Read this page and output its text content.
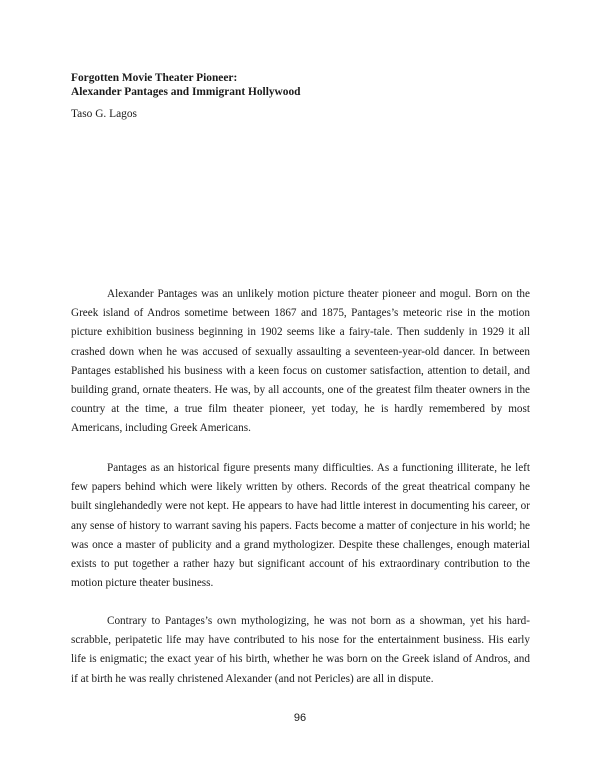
Forgotten Movie Theater Pioneer:
Alexander Pantages and Immigrant Hollywood
Taso G. Lagos

Alexander Pantages was an unlikely motion picture theater pioneer and mogul. Born on the Greek island of Andros sometime between 1867 and 1875, Pantages’s meteoric rise in the motion picture exhibition business beginning in 1902 seems like a fairy-tale. Then suddenly in 1929 it all crashed down when he was accused of sexually assaulting a seventeen-year-old dancer. In between Pantages established his business with a keen focus on customer satisfaction, attention to detail, and building grand, ornate theaters. He was, by all accounts, one of the greatest film theater owners in the country at the time, a true film theater pioneer, yet today, he is hardly remembered by most Americans, including Greek Americans.

Pantages as an historical figure presents many difficulties. As a functioning illiterate, he left few papers behind which were likely written by others. Records of the great theatrical company he built singlehandedly were not kept. He appears to have had little interest in documenting his career, or any sense of history to warrant saving his papers. Facts become a matter of conjecture in his world; he was once a master of publicity and a grand mythologizer. Despite these challenges, enough material exists to put together a rather hazy but significant account of his extraordinary contribution to the motion picture theater business.

Contrary to Pantages’s own mythologizing, he was not born as a showman, yet his hard-scrabble, peripatetic life may have contributed to his nose for the entertainment business. His early life is enigmatic; the exact year of his birth, whether he was born on the Greek island of Andros, and if at birth he was really christened Alexander (and not Pericles) are all in dispute.

96
